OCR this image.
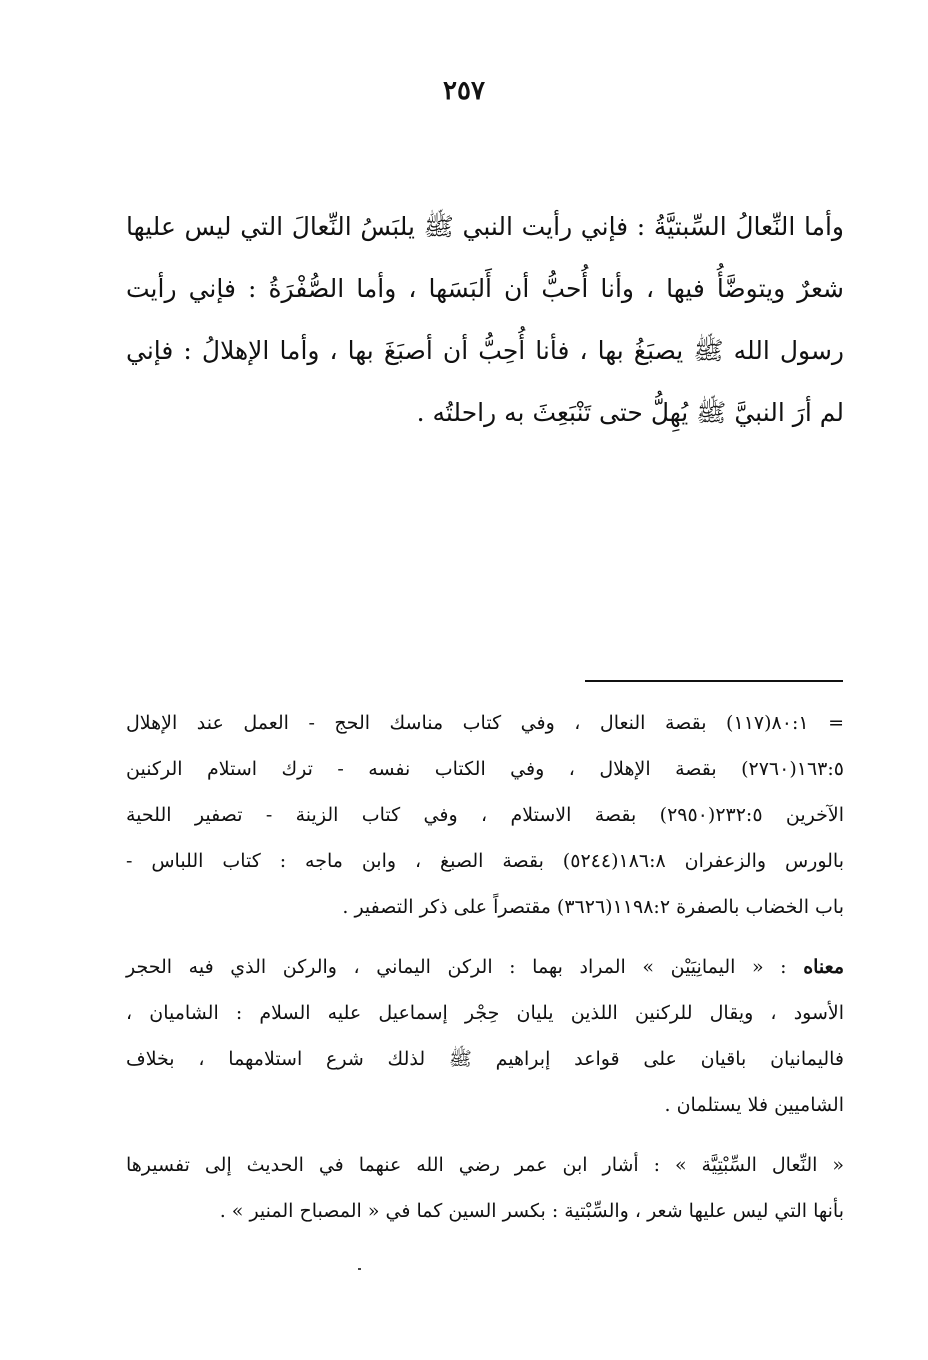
٢٥٧
وأما النِّعالُ السِّبتيَّةُ : فإني رأيت النبي ﷺ يلبَسُ النِّعالَ التي ليس عليها
شعرٌ ويتوضَّأُ فيها ، وأنا أُحبُّ أن أَلبَسَها ، وأما الصُّفْرَةُ : فإني رأيت
رسول الله ﷺ يصبَغُ بها ، فأنا أُحِبُّ أن أصبَغَ بها ، وأما الإهلالُ : فإني
لم أرَ النبيَّ ﷺ يُهِلُّ حتى تَنْبَعِثَ به راحلتُه .
= ٨٠:١(١١٧) بقصة النعال ، وفي كتاب مناسك الحج - العمل عند الإهلال
١٦٣:٥(٢٧٦٠) بقصة الإهلال ، وفي الكتاب نفسه - ترك استلام الركنين
الآخرين ٢٣٢:٥(٢٩٥٠) بقصة الاستلام ، وفي كتاب الزينة - تصفير اللحية
بالورس والزعفران ١٨٦:٨(٥٢٤٤) بقصة الصبغ ، وابن ماجه : كتاب اللباس -
باب الخضاب بالصفرة ١١٩٨:٢(٣٦٢٦) مقتصراً على ذكر التصفير .
معناه : « اليمانِيَيْن » المراد بهما : الركن اليماني ، والركن الذي فيه الحجر
الأسود ، ويقال للركنين اللذين يليان حِجْر إسماعيل عليه السلام : الشاميان ،
فاليمانيان باقيان على قواعد إبراهيم ﷺ لذلك شرع استلامهما ، بخلاف
الشاميين فلا يستلمان .
« النِّعال السِّبْتِيَّة » : أشار ابن عمر رضي الله عنهما في الحديث إلى تفسيرها
بأنها التي ليس عليها شعر ، والسِّبْتية : بكسر السين كما في « المصباح المنير » .
